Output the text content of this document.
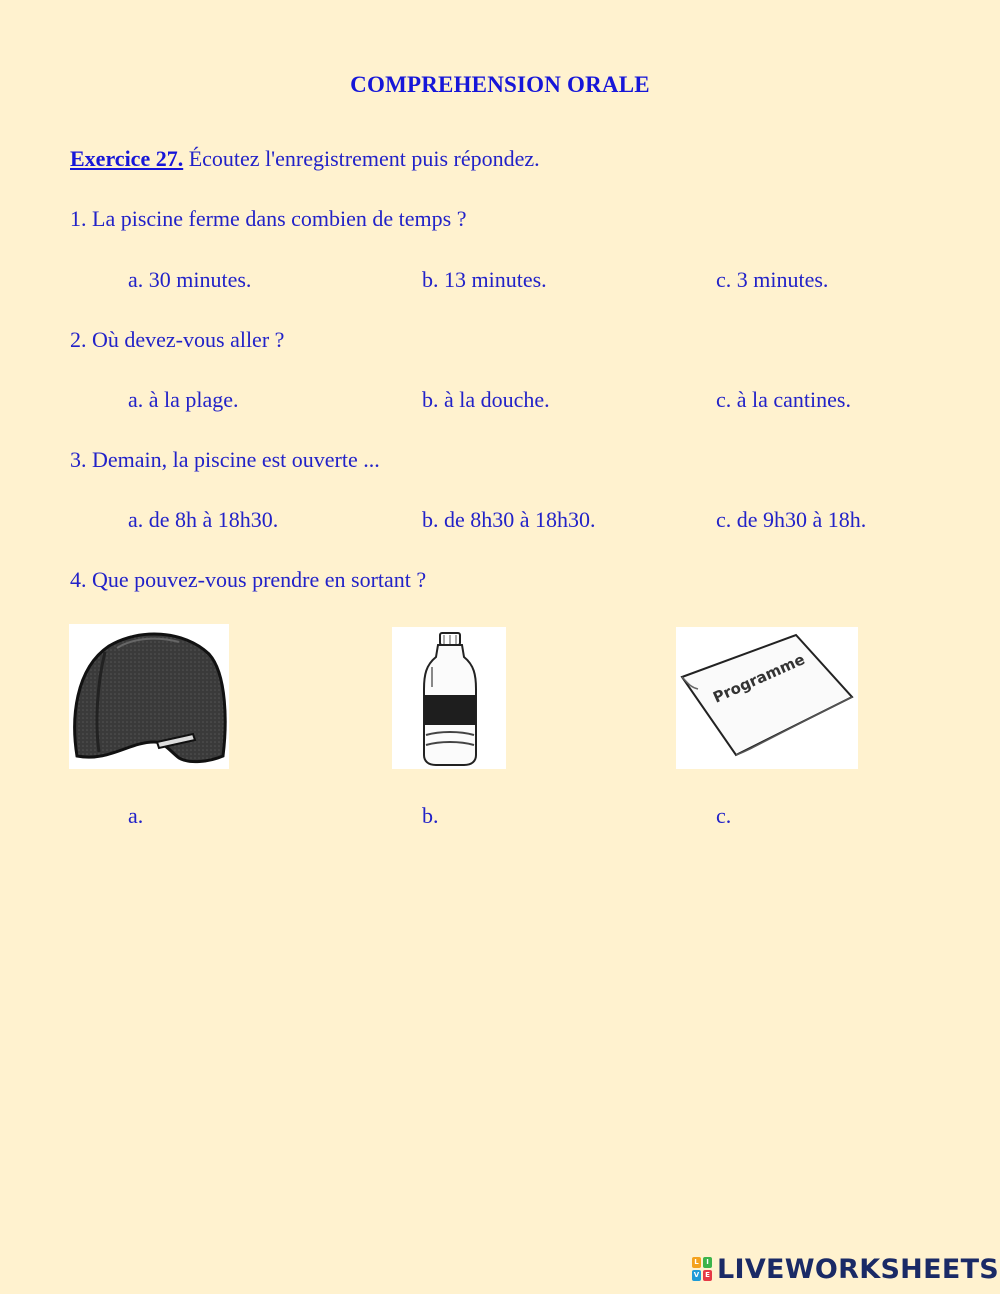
COMPREHENSION ORALE
Exercice 27. Écoutez l'enregistrement puis répondez.
1. La piscine ferme dans combien de temps ?
a. 30 minutes.	b. 13 minutes.	c. 3 minutes.
2. Où devez-vous aller ?
a. à la plage.	b. à la douche.	c. à la cantines.
3. Demain, la piscine est ouverte ...
a. de 8h à 18h30.	b. de 8h30 à 18h30.	c. de 9h30 à 18h.
4. Que pouvez-vous prendre en sortant ?
Programme
a.	b.	c.
L	I
V E LIVEWORKSHEETS
